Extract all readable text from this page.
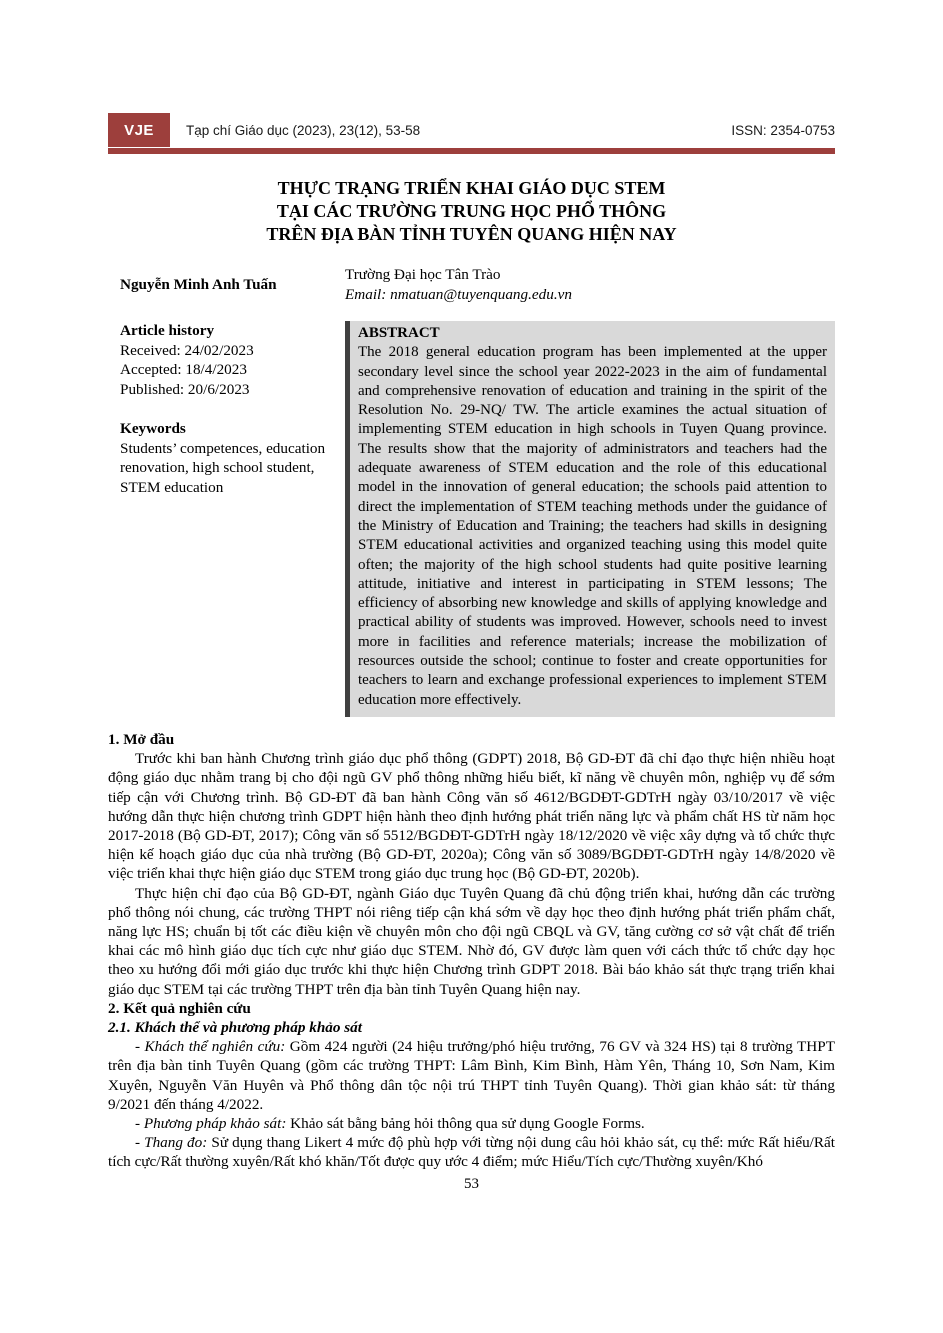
VJE	Tạp chí Giáo dục (2023), 23(12), 53-58	ISSN: 2354-0753
THỰC TRẠNG TRIỂN KHAI GIÁO DỤC STEM
TẠI CÁC TRƯỜNG TRUNG HỌC PHỔ THÔNG
TRÊN ĐỊA BÀN TỈNH TUYÊN QUANG HIỆN NAY
Nguyễn Minh Anh Tuấn
Trường Đại học Tân Trào
Email: nmatuan@tuyenquang.edu.vn
Article history
Received: 24/02/2023
Accepted: 18/4/2023
Published: 20/6/2023
Keywords
Students’ competences, education renovation, high school student, STEM education
ABSTRACT
The 2018 general education program has been implemented at the upper secondary level since the school year 2022-2023 in the aim of fundamental and comprehensive renovation of education and training in the spirit of the Resolution No. 29-NQ/ TW. The article examines the actual situation of implementing STEM education in high schools in Tuyen Quang province. The results show that the majority of administrators and teachers had the adequate awareness of STEM education and the role of this educational model in the innovation of general education; the schools paid attention to direct the implementation of STEM teaching methods under the guidance of the Ministry of Education and Training; the teachers had skills in designing STEM educational activities and organized teaching using this model quite often; the majority of the high school students had quite positive learning attitude, initiative and interest in participating in STEM lessons; The efficiency of absorbing new knowledge and skills of applying knowledge and practical ability of students was improved. However, schools need to invest more in facilities and reference materials; increase the mobilization of resources outside the school; continue to foster and create opportunities for teachers to learn and exchange professional experiences to implement STEM education more effectively.
1. Mở đầu
Trước khi ban hành Chương trình giáo dục phổ thông (GDPT) 2018, Bộ GD-ĐT đã chỉ đạo thực hiện nhiều hoạt động giáo dục nhằm trang bị cho đội ngũ GV phổ thông những hiểu biết, kĩ năng về chuyên môn, nghiệp vụ để sớm tiếp cận với Chương trình. Bộ GD-ĐT đã ban hành Công văn số 4612/BGDĐT-GDTrH ngày 03/10/2017 về việc hướng dẫn thực hiện chương trình GDPT hiện hành theo định hướng phát triển năng lực và phẩm chất HS từ năm học 2017-2018 (Bộ GD-ĐT, 2017); Công văn số 5512/BGDĐT-GDTrH ngày 18/12/2020 về việc xây dựng và tổ chức thực hiện kế hoạch giáo dục của nhà trường (Bộ GD-ĐT, 2020a); Công văn số 3089/BGDĐT-GDTrH ngày 14/8/2020 về việc triển khai thực hiện giáo dục STEM trong giáo dục trung học (Bộ GD-ĐT, 2020b).
Thực hiện chỉ đạo của Bộ GD-ĐT, ngành Giáo dục Tuyên Quang đã chủ động triển khai, hướng dẫn các trường phổ thông nói chung, các trường THPT nói riêng tiếp cận khá sớm về dạy học theo định hướng phát triển phẩm chất, năng lực HS; chuẩn bị tốt các điều kiện về chuyên môn cho đội ngũ CBQL và GV, tăng cường cơ sở vật chất để triển khai các mô hình giáo dục tích cực như giáo dục STEM. Nhờ đó, GV được làm quen với cách thức tổ chức dạy học theo xu hướng đổi mới giáo dục trước khi thực hiện Chương trình GDPT 2018. Bài báo khảo sát thực trạng triển khai giáo dục STEM tại các trường THPT trên địa bàn tỉnh Tuyên Quang hiện nay.
2. Kết quả nghiên cứu
2.1. Khách thể và phương pháp khảo sát
- Khách thể nghiên cứu: Gồm 424 người (24 hiệu trưởng/phó hiệu trưởng, 76 GV và 324 HS) tại 8 trường THPT trên địa bàn tỉnh Tuyên Quang (gồm các trường THPT: Lâm Bình, Kim Bình, Hàm Yên, Tháng 10, Sơn Nam, Kim Xuyên, Nguyễn Văn Huyên và Phổ thông dân tộc nội trú THPT tỉnh Tuyên Quang). Thời gian khảo sát: từ tháng 9/2021 đến tháng 4/2022.
- Phương pháp khảo sát: Khảo sát bằng bảng hỏi thông qua sử dụng Google Forms.
- Thang đo: Sử dụng thang Likert 4 mức độ phù hợp với từng nội dung câu hỏi khảo sát, cụ thể: mức Rất hiểu/Rất tích cực/Rất thường xuyên/Rất khó khăn/Tốt được quy ước 4 điểm; mức Hiểu/Tích cực/Thường xuyên/Khó
53
